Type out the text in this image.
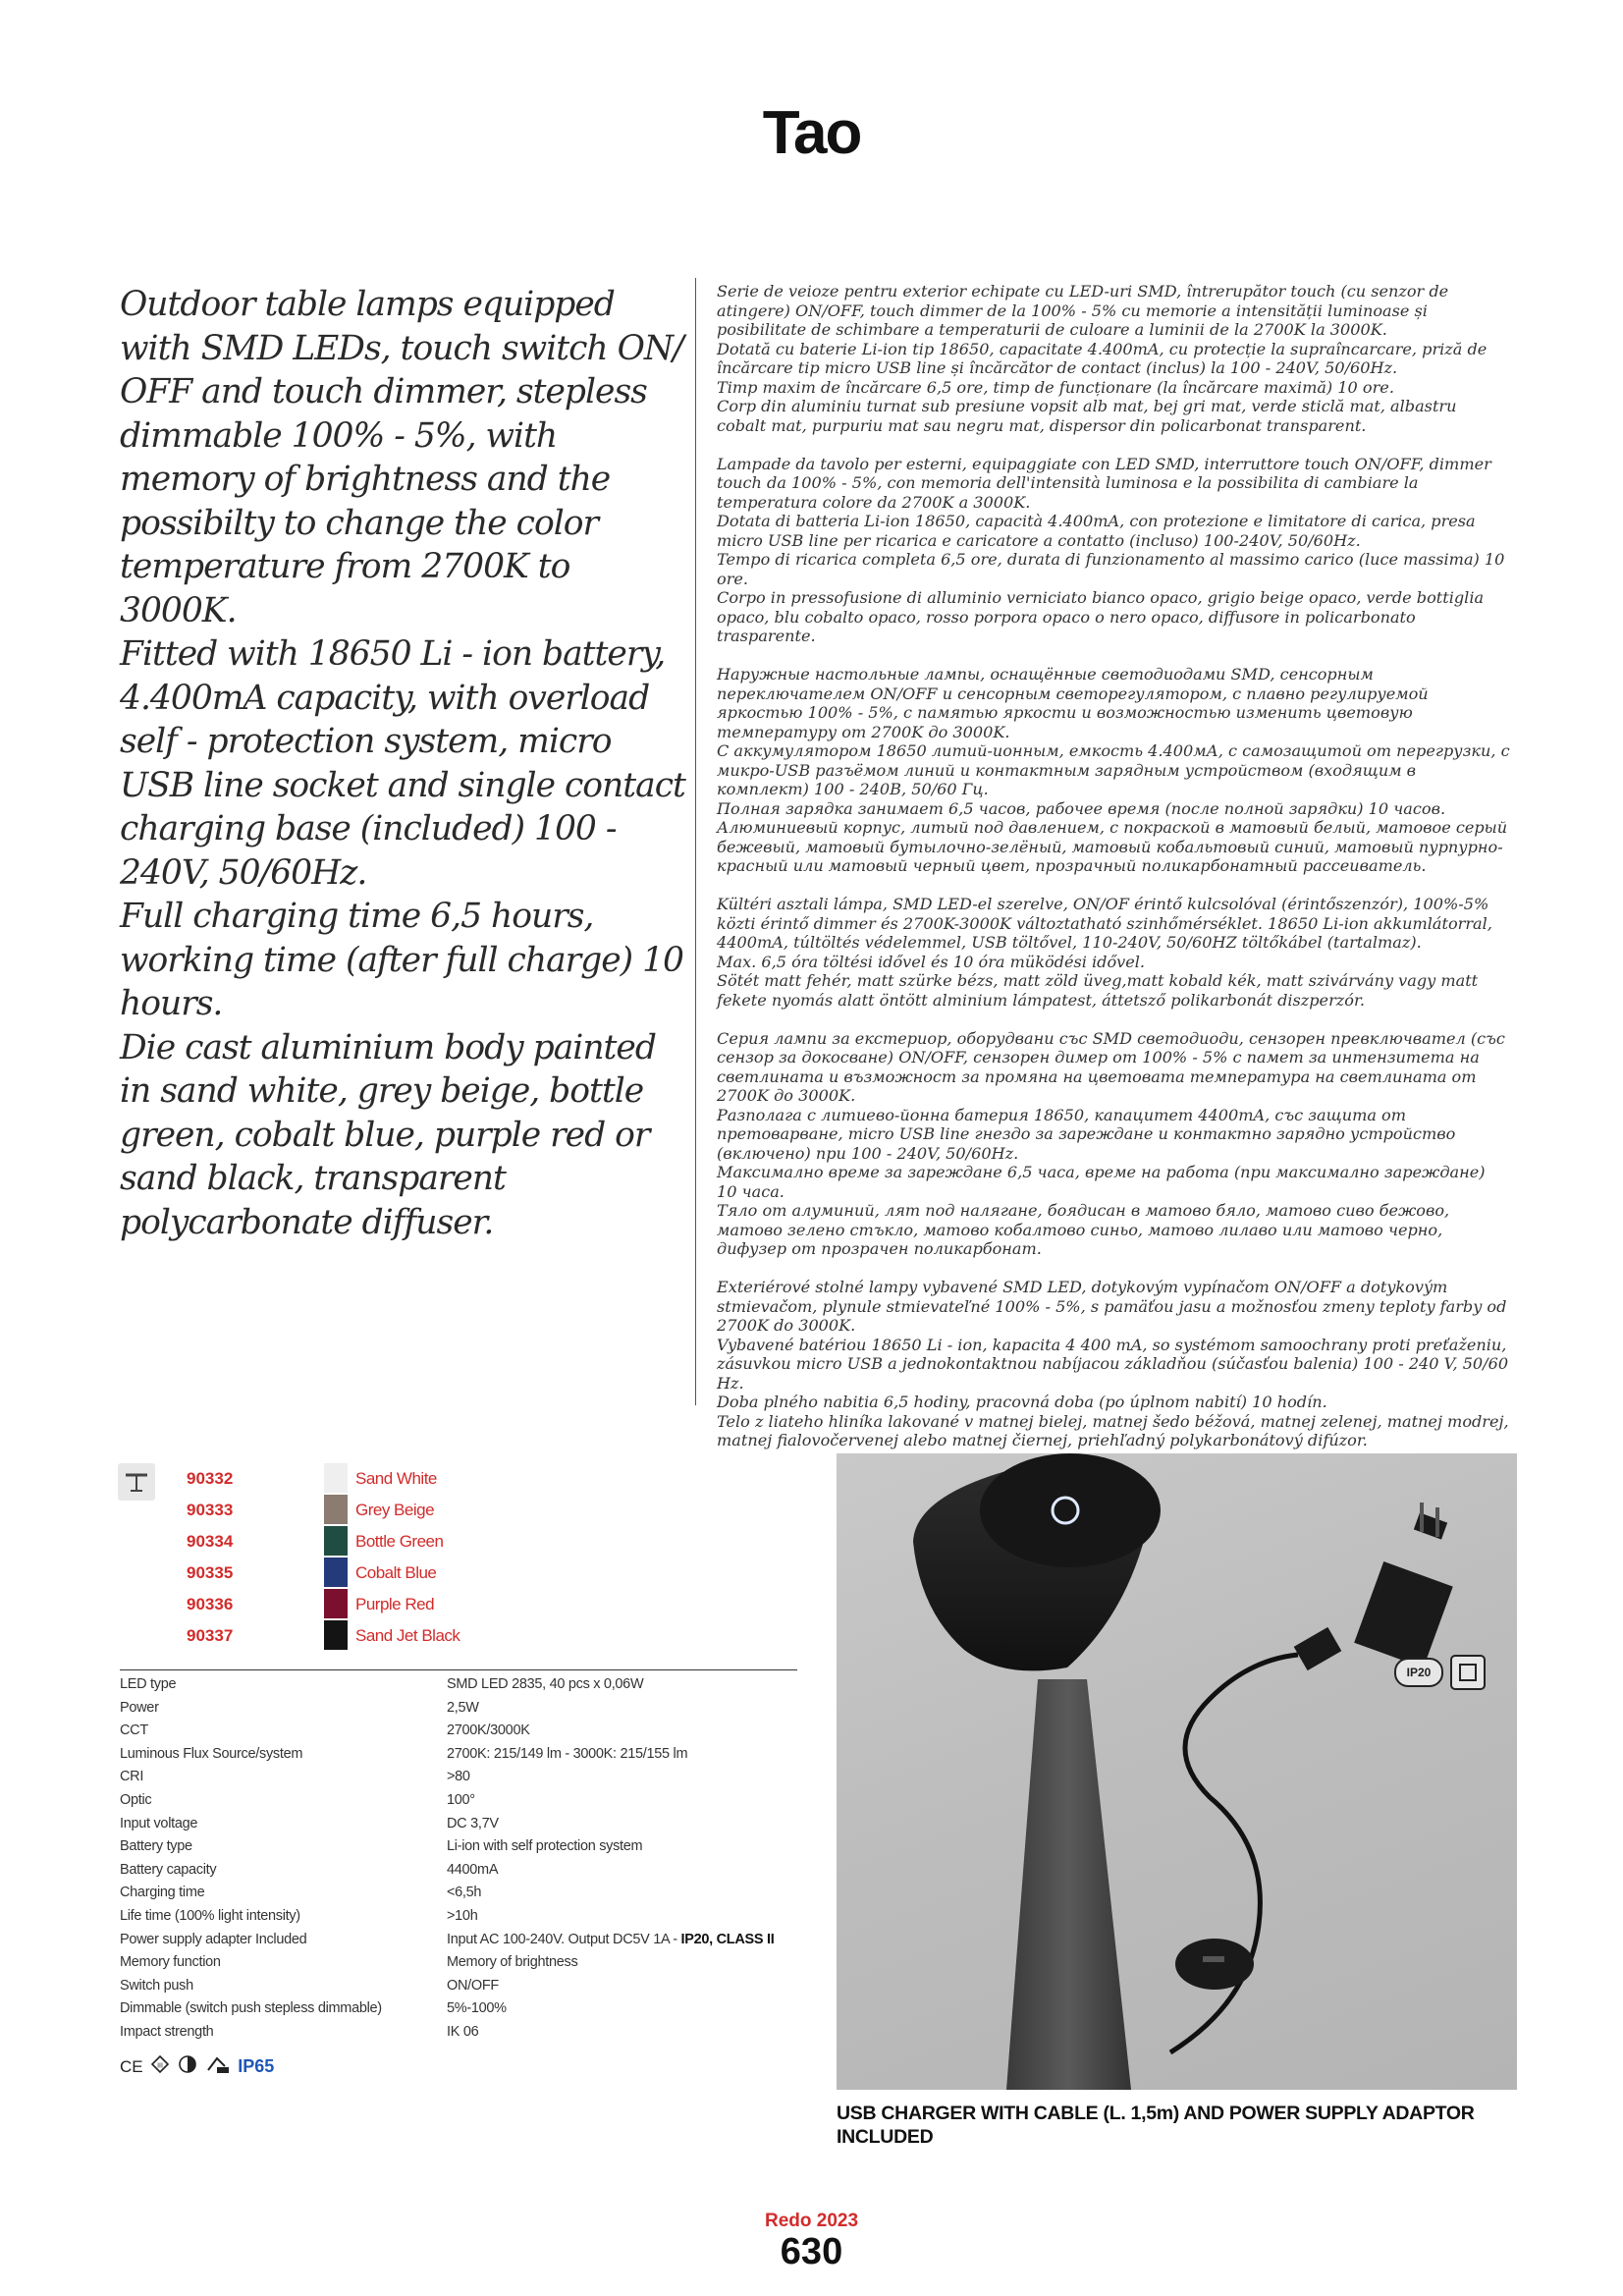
Tao

Outdoor table lamps equipped with SMD LEDs, touch switch ON/ OFF and touch dimmer, stepless dimmable 100% - 5%, with memory of brightness and the possibilty to change the color temperature from 2700K to 3000K.

Fitted with 18650 Li - ion battery, 4.400mA capacity, with overload self - protection system, micro USB line socket and single contact charging base (included) 100 - 240V, 50/60Hz.

Full charging time 6,5 hours, working time (after full charge) 10 hours.

Die cast aluminium body painted in sand white, grey beige, bottle green, cobalt blue, purple red or sand black, transparent polycarbonate diffuser.

Serie de veioze pentru exterior echipate cu LED-uri SMD, întrerupător touch (cu senzor de atingere) ON/OFF, touch dimmer de la 100% - 5% cu memorie a intensității luminoase și posibilitate de schimbare a temperaturii de culoare a luminii de la 2700K la 3000K.

Dotată cu baterie Li-ion tip 18650, capacitate 4.400mA, cu protecție la supraîncarcare, priză de încărcare tip micro USB line și încărcător de contact (inclus) la 100 - 240V, 50/60Hz.

Timp maxim de încărcare 6,5 ore, timp de funcționare (la încărcare maximă) 10 ore.

Corp din aluminiu turnat sub presiune vopsit alb mat, bej gri mat, verde sticlă mat, albastru cobalt mat, purpuriu mat sau negru mat, dispersor din policarbonat transparent.

Lampade da tavolo per esterni, equipaggiate con LED SMD, interruttore touch ON/OFF, dimmer touch da 100% - 5%, con memoria dell'intensità luminosa e la possibilita di cambiare la temperatura colore da 2700K a 3000K.

Dotata di batteria Li-ion 18650, capacità 4.400mA, con protezione e limitatore di carica, presa micro USB line per ricarica e caricatore a contatto (incluso) 100-240V, 50/60Hz.

Tempo di ricarica completa 6,5 ore, durata di funzionamento al massimo carico (luce massima) 10 ore.

Corpo in pressofusione di alluminio verniciato bianco opaco, grigio beige opaco, verde bottiglia opaco, blu cobalto opaco, rosso porpora opaco o nero opaco, diffusore in policarbonato trasparente.

Наружные настольные лампы, оснащённые светодиодами SMD, сенсорным переключателем ON/OFF и сенсорным светорегулятором, с плавно регулируемой яркостью 100% - 5%, с памятью яркости и возможностью изменить цветовую температуру от 2700K до 3000K.

С аккумулятором 18650 литий-ионным, емкость 4.400мА, с самозащитой от перегрузки, с микро-USB разъёмом линий и контактным зарядным устройством (входящим в комплект) 100 - 240В, 50/60 Гц.

Полная зарядка занимает 6,5 часов, рабочее время (после полной зарядки) 10 часов.

Алюминиевый корпус, литый под давлением, с покраской в матовый белый, матовое серый бежевый, матовый бутылочно-зелёный, матовый кобальтовый синий, матовый пурпурно-красный или матовый черный цвет, прозрачный поликарбонатный рассеиватель.

Kültéri asztali lámpa, SMD LED-el szerelve, ON/OF érintő kulcsolóval (érintőszenzór), 100%-5% közti érintő dimmer és 2700K-3000K változtatható szinhőmérséklet. 18650 Li-ion akkumlátorral, 4400mA, túltöltés védelemmel, USB töltővel, 110-240V, 50/60HZ töltőkábel (tartalmaz).

Max. 6,5 óra töltési idővel és 10 óra müködési idővel.

Sötét matt fehér, matt szürke bézs, matt zöld üveg,matt kobald kék, matt szivárvány vagy matt fekete nyomás alatt öntött alminium lámpatest, áttetsző polikarbonát diszperzór.

Серия лампи за екстериор, оборудвани със SMD светодиоди, сензорен превключвател (със сензор за докосване) ON/OFF, сензорен димер от 100% - 5% с памет за интензитета на светлината и възможност за промяна на цветовата температура на светлината от 2700K до 3000K.

Разполага с литиево-йонна батерия 18650, капацитет 4400mA, със защита от претоварване, micro USB line гнездо за зареждане и контактно зарядно устройство (включено) при 100 - 240V, 50/60Hz.

Максимално време за зареждане 6,5 часа, време на работа (при максимално зареждане) 10 часа.

Тяло от алуминий, лят под налягане, боядисан в матово бяло, матово сиво бежово, матово зелено стъкло, матово кобалтово синьо, матово лилаво или матово черно, дифузер от прозрачен поликарбонат.

Exteriérové stolné lampy vybavené SMD LED, dotykovým vypínačom ON/OFF a dotykovým stmievačom, plynule stmievateľné 100% - 5%, s pamäťou jasu a možnosťou zmeny teploty farby od 2700K do 3000K.

Vybavené batériou 18650 Li - ion, kapacita 4 400 mA, so systémom samoochrany proti preťaženiu, zásuvkou micro USB a jednokontaktnou nabíjacou základňou (súčasťou balenia) 100 - 240 V, 50/60 Hz.

Doba plného nabitia 6,5 hodiny, pracovná doba (po úplnom nabití) 10 hodín.

Telo z liateho hliníka lakované v matnej bielej, matnej šedo béžová, matnej zelenej, matnej modrej, matnej fialovočervenej alebo matnej čiernej, priehľadný polykarbonátový difúzor.

90332	Sand White
90333	Grey Beige
90334	Bottle Green
90335	Cobalt Blue
90336	Purple Red
90337	Sand Jet Black
LED type	SMD LED 2835, 40 pcs x 0,06W
Power	2,5W
CCT	2700K/3000K
Luminous Flux Source/system	2700K: 215/149 lm - 3000K: 215/155 lm
CRI	>80
Optic	100°
Input voltage	DC 3,7V
Battery type	Li-ion with self protection system
Battery capacity	4400mA
Charging time	<6,5h
Life time (100% light intensity)	>10h
Power supply adapter Included	Input AC 100-240V. Output DC5V 1A - IP20, CLASS II
Memory function	Memory of brightness
Switch push	ON/OFF
Dimmable (switch push stepless dimmable)	5%-100%
Impact strength	IK 06
CE III	IP65
IP20
USB CHARGER WITH CABLE (L. 1,5m) AND POWER SUPPLY ADAPTOR INCLUDED
Redo 2023
630
